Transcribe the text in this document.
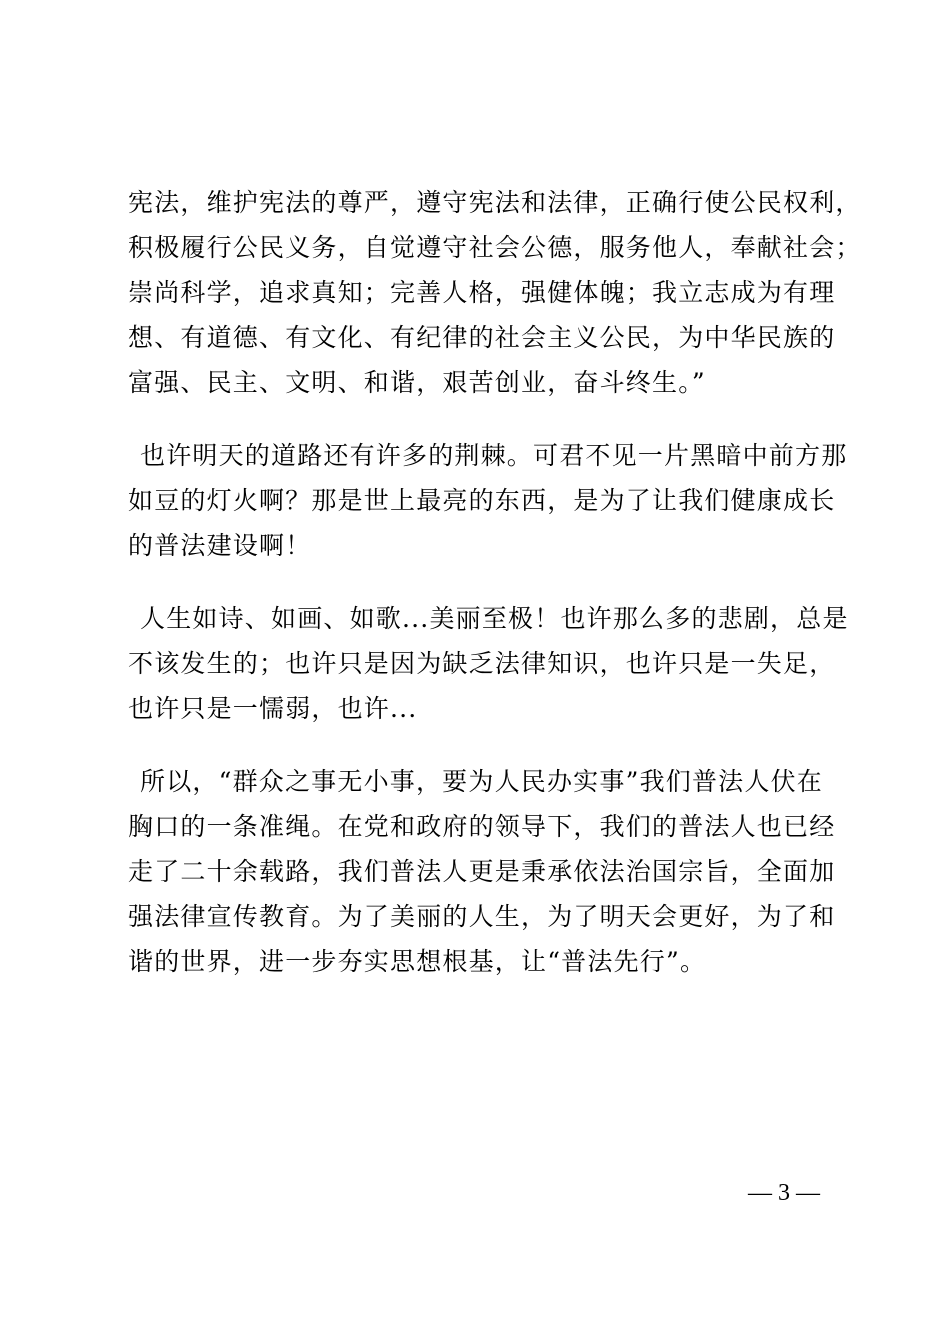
宪法，维护宪法的尊严，遵守宪法和法律，正确行使公民权利，
积极履行公民义务，自觉遵守社会公德，服务他人，奉献社会；
崇尚科学，追求真知；完善人格，强健体魄；我立志成为有理
想、有道德、有文化、有纪律的社会主义公民，为中华民族的
富强、民主、文明、和谐，艰苦创业，奋斗终生。”
也许明天的道路还有许多的荆棘。可君不见一片黑暗中前方那
如豆的灯火啊？那是世上最亮的东西，是为了让我们健康成长
的普法建设啊！
人生如诗、如画、如歌...美丽至极！也许那么多的悲剧，总是
不该发生的；也许只是因为缺乏法律知识，也许只是一失足，
也许只是一懦弱，也许...
所以，“群众之事无小事，要为人民办实事”我们普法人伏在
胸口的一条准绳。在党和政府的领导下，我们的普法人也已经
走了二十余载路，我们普法人更是秉承依法治国宗旨，全面加
强法律宣传教育。为了美丽的人生，为了明天会更好，为了和
谐的世界，进一步夯实思想根基，让“普法先行”。
— 3 —
